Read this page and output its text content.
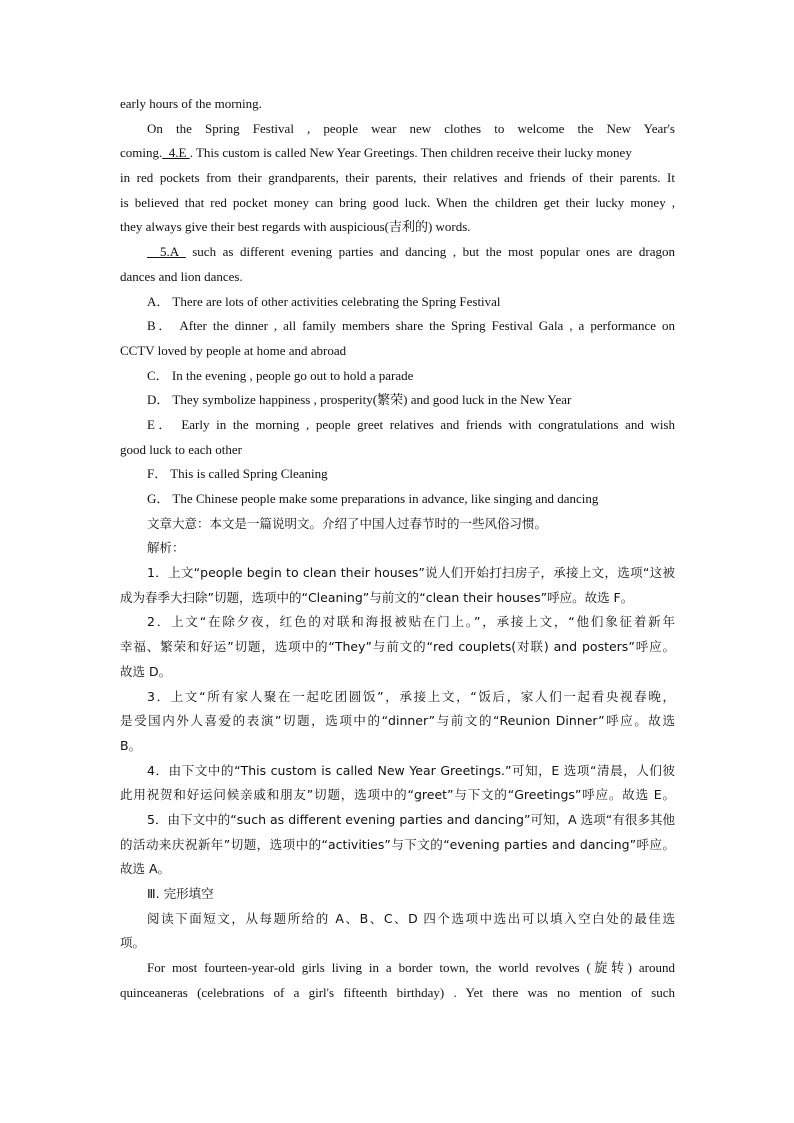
early hours of the morning.
On the Spring Festival , people wear new clothes to welcome the New Year's
coming. 4.E . This custom is called New Year Greetings. Then children receive their lucky money
in red pockets from their grandparents, their parents, their relatives and friends of their parents. It
is believed that red pocket money can bring good luck. When the children get their lucky money ,
they always give their best regards with auspicious(吉利的) words.
5.A such as different evening parties and dancing , but the most popular ones are dragon
dances and lion dances.
A． There are lots of other activities celebrating the Spring Festival
B． After the dinner , all family members share the Spring Festival Gala , a performance on
CCTV loved by people at home and abroad
C． In the evening , people go out to hold a parade
D． They symbolize happiness , prosperity(繁荣) and good luck in the New Year
E． Early in the morning , people greet relatives and friends with congratulations and wish
good luck to each other
F． This is called Spring Cleaning
G． The Chinese people make some preparations in advance, like singing and dancing
文章大意：本文是一篇说明文。介绍了中国人过春节时的一些风俗习惯。
解析：
1．上文“people begin to clean their houses”说人们开始打扫房子，承接上文，选项“这被
成为春季大扫除”切题，选项中的“Cleaning”与前文的“clean their houses”呼应。故选 F。
2．上文“在除夕夜，红色的对联和海报被贴在门上。”，承接上文，“他们象征着新年
幸福、繁荣和好运”切题，选项中的“They”与前文的“red couplets(对联) and posters”呼应。
故选 D。
3．上文“所有家人聚在一起吃团圆饭”，承接上文，“饭后，家人们一起看央视春晚，
是受国内外人喜爱的表演”切题，选项中的“dinner”与前文的“Reunion Dinner”呼应。故选
B。
4．由下文中的“This custom is called New Year Greetings.”可知，E 选项“清晨，人们彼
此用祝贺和好运问候亲戚和朋友”切题，选项中的“greet”与下文的“Greetings”呼应。故选 E。
5．由下文中的“such as different evening parties and dancing”可知，A 选项“有很多其他
的活动来庆祝新年”切题，选项中的“activities”与下文的“evening parties and dancing”呼应。
故选 A。
Ⅲ. 完形填空
阅读下面短文，从每题所给的 A、B、C、D 四个选项中选出可以填入空白处的最佳选
项。
For most fourteen-year-old girls living in a border town, the world revolves (旋转) around
quinceaneras (celebrations of a girl's fifteenth birthday) . Yet there was no mention of such
